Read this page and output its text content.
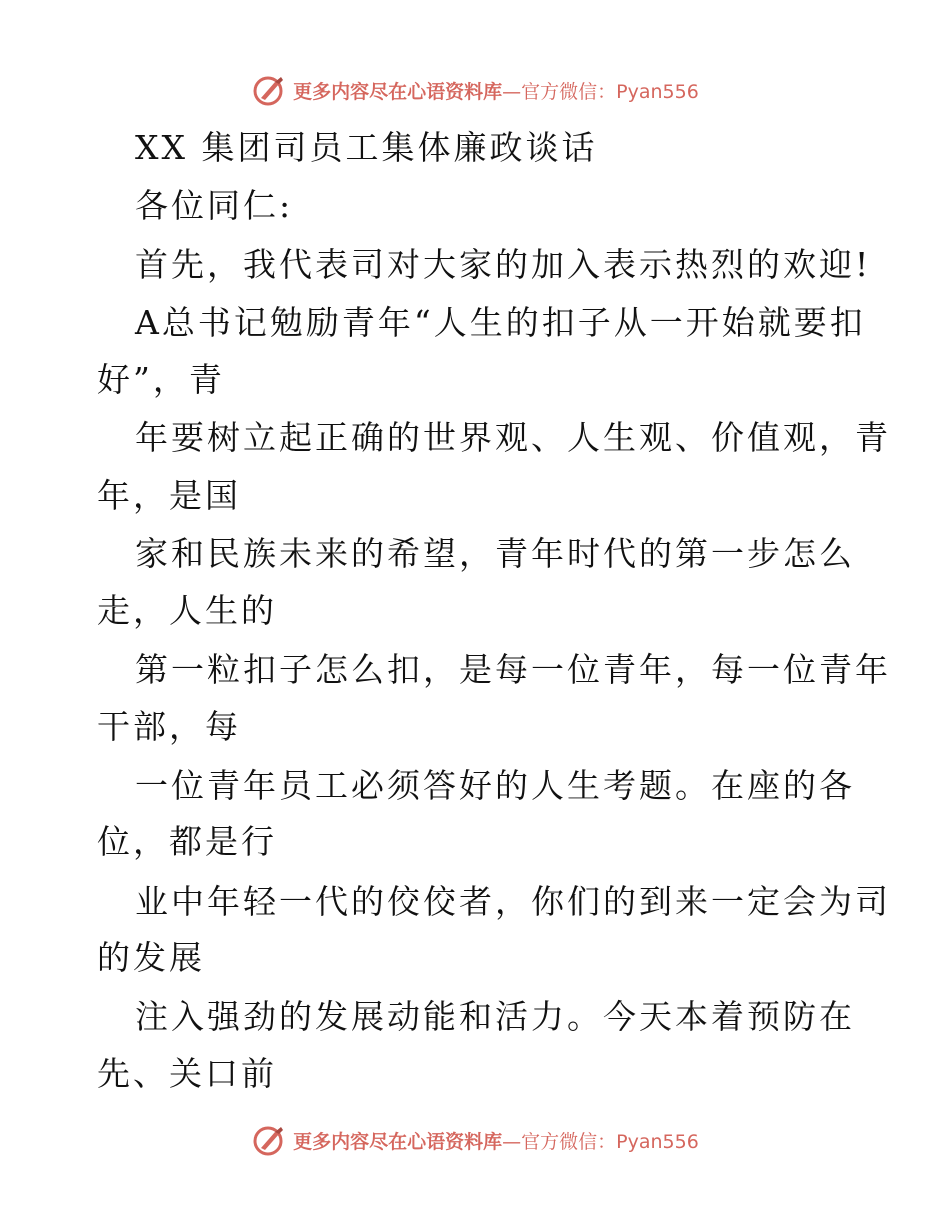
更多内容尽在心语资料库 —官方微信：Pyan556
XX 集团司员工集体廉政谈话
各位同仁:
首先，我代表司对大家的加入表示热烈的欢迎!
A总书记勉励青年“人生的扣子从一开始就要扣
好”，青
年要树立起正确的世界观、人生观、价值观，青
年，是国
家和民族未来的希望，青年时代的第一步怎么
走，人生的
第一粒扣子怎么扣，是每一位青年，每一位青年
干部，每
一位青年员工必须答好的人生考题。在座的各
位，都是行
业中年轻一代的佼佼者，你们的到来一定会为司
的发展
注入强劲的发展动能和活力。今天本着预防在
先、关口前
更多内容尽在心语资料库 —官方微信：Pyan556
